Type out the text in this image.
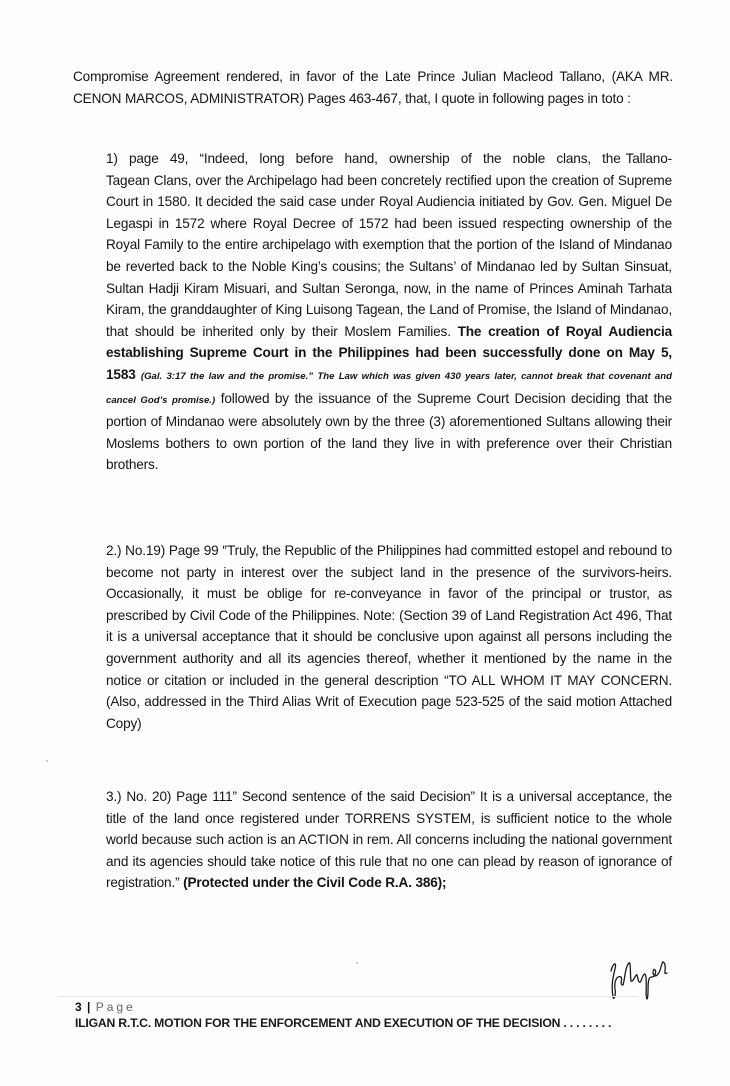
Compromise Agreement rendered, in favor of the Late Prince Julian Macleod Tallano, (AKA MR. CENON MARCOS, ADMINISTRATOR) Pages 463-467, that, I quote in following pages in toto :
1) page 49, “Indeed, long before hand, ownership of the noble clans, the Tallano-Tagean Clans, over the Archipelago had been concretely rectified upon the creation of Supreme Court in 1580. It decided the said case under Royal Audiencia initiated by Gov. Gen. Miguel De Legaspi in 1572 where Royal Decree of 1572 had been issued respecting ownership of the Royal Family to the entire archipelago with exemption that the portion of the Island of Mindanao be reverted back to the Noble King’s cousins; the Sultans’ of Mindanao led by Sultan Sinsuat, Sultan Hadji Kiram Misuari, and Sultan Seronga, now, in the name of Princes Aminah Tarhata Kiram, the granddaughter of King Luisong Tagean, the Land of Promise, the Island of Mindanao, that should be inherited only by their Moslem Families. The creation of Royal Audiencia establishing Supreme Court in the Philippines had been successfully done on May 5, 1583 (Gal. 3:17 the law and the promise.” The Law which was given 430 years later, cannot break that covenant and cancel God’s promise.) followed by the issuance of the Supreme Court Decision deciding that the portion of Mindanao were absolutely own by the three (3) aforementioned Sultans allowing their Moslems bothers to own portion of the land they live in with preference over their Christian brothers.
2.) No.19) Page 99 ″Truly, the Republic of the Philippines had committed estopel and rebound to become not party in interest over the subject land in the presence of the survivors-heirs. Occasionally, it must be oblige for re-conveyance in favor of the principal or trustor, as prescribed by Civil Code of the Philippines. Note: (Section 39 of Land Registration Act 496, That it is a universal acceptance that it should be conclusive upon against all persons including the government authority and all its agencies thereof, whether it mentioned by the name in the notice or citation or included in the general description “TO ALL WHOM IT MAY CONCERN. (Also, addressed in the Third Alias Writ of Execution page 523-525 of the said motion Attached Copy)
3.) No. 20) Page 111” Second sentence of the said Decision” It is a universal acceptance, the title of the land once registered under TORRENS SYSTEM, is sufficient notice to the whole world because such action is an ACTION in rem. All concerns including the national government and its agencies should take notice of this rule that no one can plead by reason of ignorance of registration.” (Protected under the Civil Code R.A. 386);
3 | Page
ILIGAN R.T.C. MOTION FOR THE ENFORCEMENT AND EXECUTION OF THE DECISION . . . . . . . .
